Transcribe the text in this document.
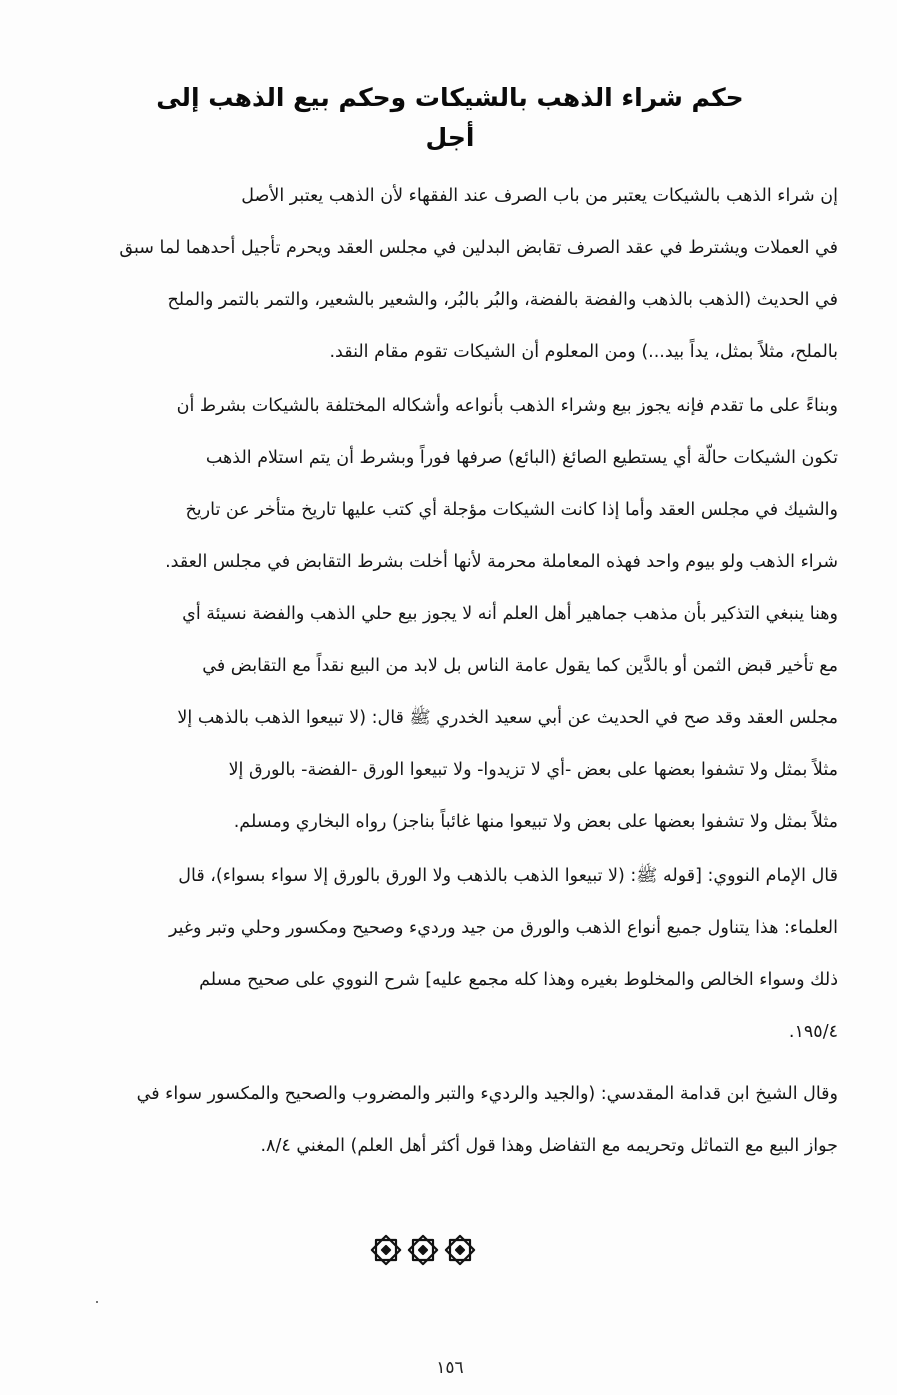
حكم شراء الذهب بالشيكات وحكم بيع الذهب إلى أجل
إن شراء الذهب بالشيكات يعتبر من باب الصرف عند الفقهاء لأن الذهب يعتبر الأصل
في العملات ويشترط في عقد الصرف تقابض البدلين في مجلس العقد ويحرم تأجيل أحدهما لما سبق
في الحديث (الذهب بالذهب والفضة بالفضة، والبُر بالبُر، والشعير بالشعير، والتمر بالتمر والملح
بالملح، مثلاً بمثل، يداً بيد...) ومن المعلوم أن الشيكات تقوم مقام النقد.
وبناءً على ما تقدم فإنه يجوز بيع وشراء الذهب بأنواعه وأشكاله المختلفة بالشيكات بشرط أن
تكون الشيكات حالّة أي يستطيع الصائغ (البائع) صرفها فوراً وبشرط أن يتم استلام الذهب
والشيك في مجلس العقد وأما إذا كانت الشيكات مؤجلة أي كتب عليها تاريخ متأخر عن تاريخ
شراء الذهب ولو بيوم واحد فهذه المعاملة محرمة لأنها أخلت بشرط التقابض في مجلس العقد.
وهنا ينبغي التذكير بأن مذهب جماهير أهل العلم أنه لا يجوز بيع حلي الذهب والفضة نسيئة أي
مع تأخير قبض الثمن أو بالدَّين كما يقول عامة الناس بل لابد من البيع نقداً مع التقابض في
مجلس العقد وقد صح في الحديث عن أبي سعيد الخدري ﷺ قال: (لا تبيعوا الذهب بالذهب إلا
مثلاً بمثل ولا تشفوا بعضها على بعض -أي لا تزيدوا- ولا تبيعوا الورق -الفضة- بالورق إلا
مثلاً بمثل ولا تشفوا بعضها على بعض ولا تبيعوا منها غائباً بناجز) رواه البخاري ومسلم.
قال الإمام النووي: [قوله ﷺ: (لا تبيعوا الذهب بالذهب ولا الورق بالورق إلا سواء بسواء)، قال
العلماء: هذا يتناول جميع أنواع الذهب والورق من جيد ورديء وصحيح ومكسور وحلي وتبر وغير
ذلك وسواء الخالص والمخلوط بغيره وهذا كله مجمع عليه] شرح النووي على صحيح مسلم
١٩٥/٤.
وقال الشيخ ابن قدامة المقدسي: (والجيد والرديء والتبر والمضروب والصحيح والمكسور سواء في
جواز البيع مع التماثل وتحريمه مع التفاضل وهذا قول أكثر أهل العلم) المغني ٨/٤.
١٥٦
